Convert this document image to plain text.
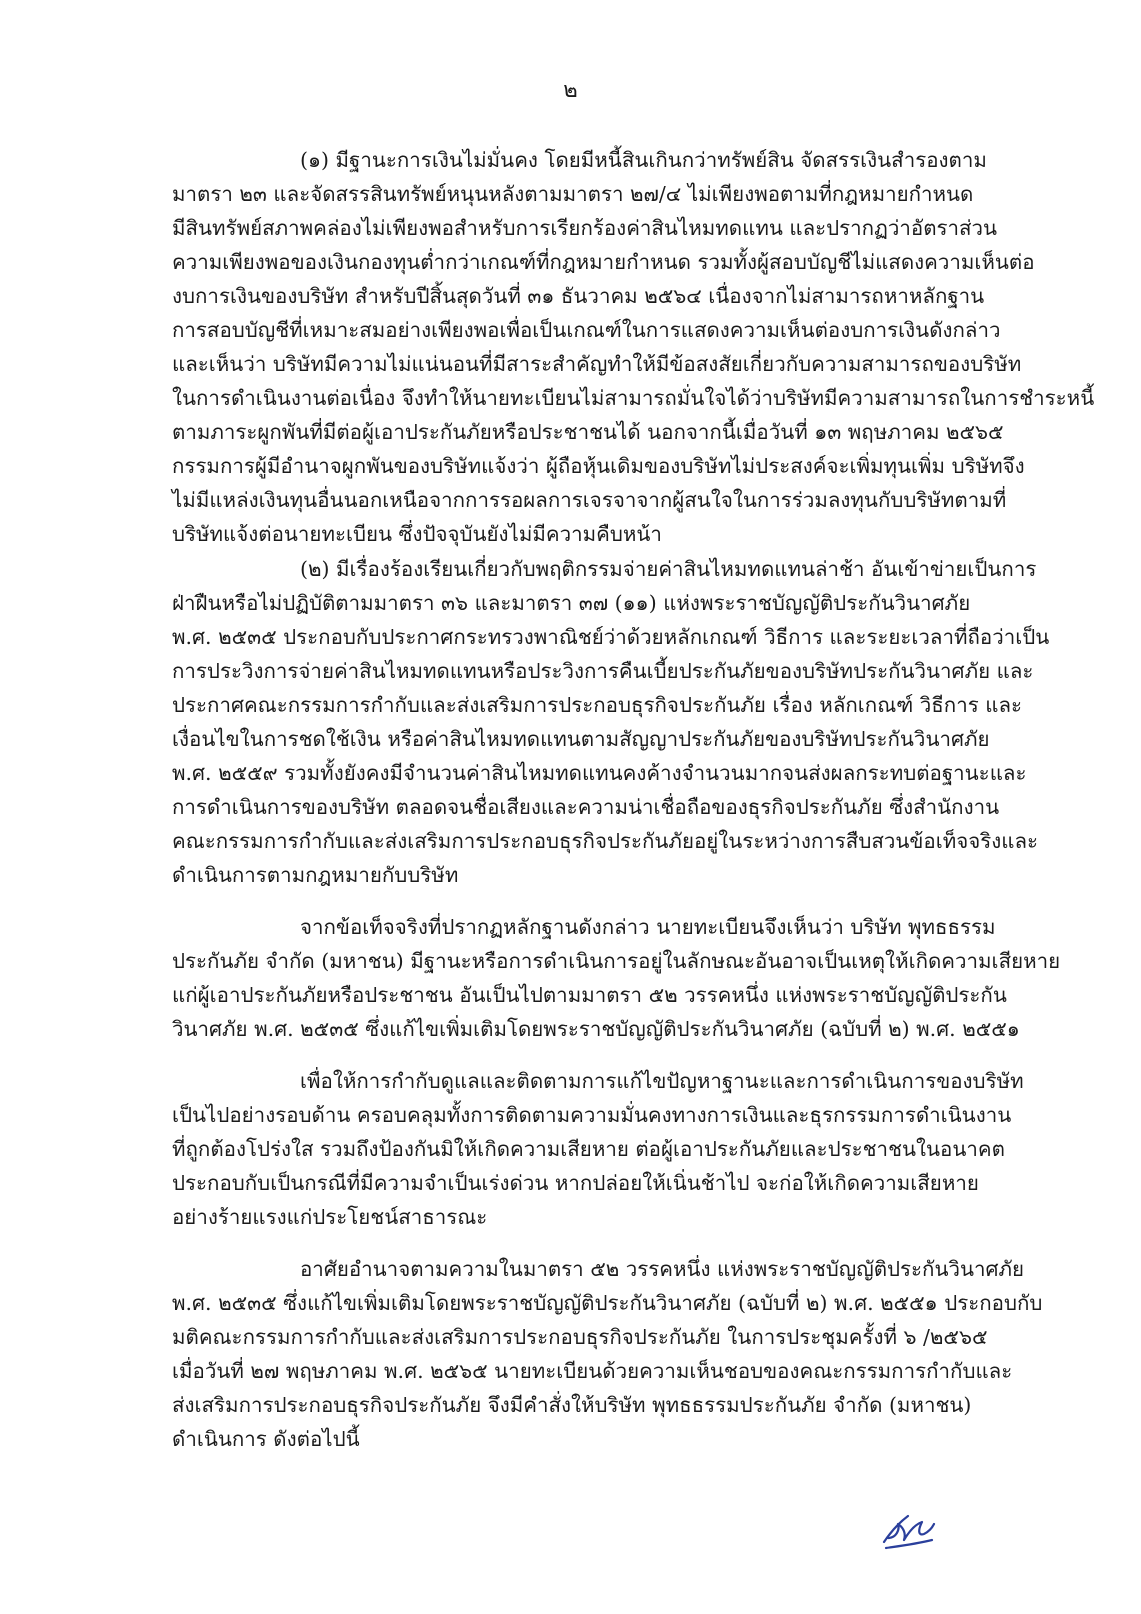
๒
(๑) มีฐานะการเงินไม่มั่นคง โดยมีหนี้สินเกินกว่าทรัพย์สิน จัดสรรเงินสำรองตาม
มาตรา ๒๓ และจัดสรรสินทรัพย์หนุนหลังตามมาตรา ๒๗/๔ ไม่เพียงพอตามที่กฎหมายกำหนด
มีสินทรัพย์สภาพคล่องไม่เพียงพอสำหรับการเรียกร้องค่าสินไหมทดแทน และปรากฏว่าอัตราส่วน
ความเพียงพอของเงินกองทุนต่ำกว่าเกณฑ์ที่กฎหมายกำหนด รวมทั้งผู้สอบบัญชีไม่แสดงความเห็นต่อ
งบการเงินของบริษัท สำหรับปีสิ้นสุดวันที่ ๓๑ ธันวาคม ๒๕๖๔ เนื่องจากไม่สามารถหาหลักฐาน
การสอบบัญชีที่เหมาะสมอย่างเพียงพอเพื่อเป็นเกณฑ์ในการแสดงความเห็นต่องบการเงินดังกล่าว
และเห็นว่า บริษัทมีความไม่แน่นอนที่มีสาระสำคัญทำให้มีข้อสงสัยเกี่ยวกับความสามารถของบริษัท
ในการดำเนินงานต่อเนื่อง จึงทำให้นายทะเบียนไม่สามารถมั่นใจได้ว่าบริษัทมีความสามารถในการชำระหนี้
ตามภาระผูกพันที่มีต่อผู้เอาประกันภัยหรือประชาชนได้ นอกจากนี้เมื่อวันที่ ๑๓ พฤษภาคม ๒๕๖๕
กรรมการผู้มีอำนาจผูกพันของบริษัทแจ้งว่า ผู้ถือหุ้นเดิมของบริษัทไม่ประสงค์จะเพิ่มทุนเพิ่ม บริษัทจึง
ไม่มีแหล่งเงินทุนอื่นนอกเหนือจากการรอผลการเจรจาจากผู้สนใจในการร่วมลงทุนกับบริษัทตามที่
บริษัทแจ้งต่อนายทะเบียน ซึ่งปัจจุบันยังไม่มีความคืบหน้า
(๒) มีเรื่องร้องเรียนเกี่ยวกับพฤติกรรมจ่ายค่าสินไหมทดแทนล่าช้า อันเข้าข่ายเป็นการ
ฝ่าฝืนหรือไม่ปฏิบัติตามมาตรา ๓๖ และมาตรา ๓๗ (๑๑) แห่งพระราชบัญญัติประกันวินาศภัย
พ.ศ. ๒๕๓๕ ประกอบกับประกาศกระทรวงพาณิชย์ว่าด้วยหลักเกณฑ์ วิธีการ และระยะเวลาที่ถือว่าเป็น
การประวิงการจ่ายค่าสินไหมทดแทนหรือประวิงการคืนเบี้ยประกันภัยของบริษัทประกันวินาศภัย และ
ประกาศคณะกรรมการกำกับและส่งเสริมการประกอบธุรกิจประกันภัย เรื่อง หลักเกณฑ์ วิธีการ และ
เงื่อนไขในการชดใช้เงิน หรือค่าสินไหมทดแทนตามสัญญาประกันภัยของบริษัทประกันวินาศภัย
พ.ศ. ๒๕๕๙ รวมทั้งยังคงมีจำนวนค่าสินไหมทดแทนคงค้างจำนวนมากจนส่งผลกระทบต่อฐานะและ
การดำเนินการของบริษัท ตลอดจนชื่อเสียงและความน่าเชื่อถือของธุรกิจประกันภัย ซึ่งสำนักงาน
คณะกรรมการกำกับและส่งเสริมการประกอบธุรกิจประกันภัยอยู่ในระหว่างการสืบสวนข้อเท็จจริงและ
ดำเนินการตามกฎหมายกับบริษัท
จากข้อเท็จจริงที่ปรากฏหลักฐานดังกล่าว นายทะเบียนจึงเห็นว่า บริษัท พุทธธรรม
ประกันภัย จำกัด (มหาชน) มีฐานะหรือการดำเนินการอยู่ในลักษณะอันอาจเป็นเหตุให้เกิดความเสียหาย
แก่ผู้เอาประกันภัยหรือประชาชน อันเป็นไปตามมาตรา ๕๒ วรรคหนึ่ง แห่งพระราชบัญญัติประกัน
วินาศภัย พ.ศ. ๒๕๓๕ ซึ่งแก้ไขเพิ่มเติมโดยพระราชบัญญัติประกันวินาศภัย (ฉบับที่ ๒) พ.ศ. ๒๕๕๑
เพื่อให้การกำกับดูแลและติดตามการแก้ไขปัญหาฐานะและการดำเนินการของบริษัท
เป็นไปอย่างรอบด้าน ครอบคลุมทั้งการติดตามความมั่นคงทางการเงินและธุรกรรมการดำเนินงาน
ที่ถูกต้องโปร่งใส รวมถึงป้องกันมิให้เกิดความเสียหาย ต่อผู้เอาประกันภัยและประชาชนในอนาคต
ประกอบกับเป็นกรณีที่มีความจำเป็นเร่งด่วน หากปล่อยให้เนิ่นช้าไป จะก่อให้เกิดความเสียหาย
อย่างร้ายแรงแก่ประโยชน์สาธารณะ
อาศัยอำนาจตามความในมาตรา ๕๒ วรรคหนึ่ง แห่งพระราชบัญญัติประกันวินาศภัย
พ.ศ. ๒๕๓๕ ซึ่งแก้ไขเพิ่มเติมโดยพระราชบัญญัติประกันวินาศภัย (ฉบับที่ ๒) พ.ศ. ๒๕๕๑ ประกอบกับ
มติคณะกรรมการกำกับและส่งเสริมการประกอบธุรกิจประกันภัย ในการประชุมครั้งที่ ๖ /๒๕๖๕
เมื่อวันที่ ๒๗ พฤษภาคม พ.ศ. ๒๕๖๕ นายทะเบียนด้วยความเห็นชอบของคณะกรรมการกำกับและ
ส่งเสริมการประกอบธุรกิจประกันภัย จึงมีคำสั่งให้บริษัท พุทธธรรมประกันภัย จำกัด (มหาชน)
ดำเนินการ ดังต่อไปนี้
